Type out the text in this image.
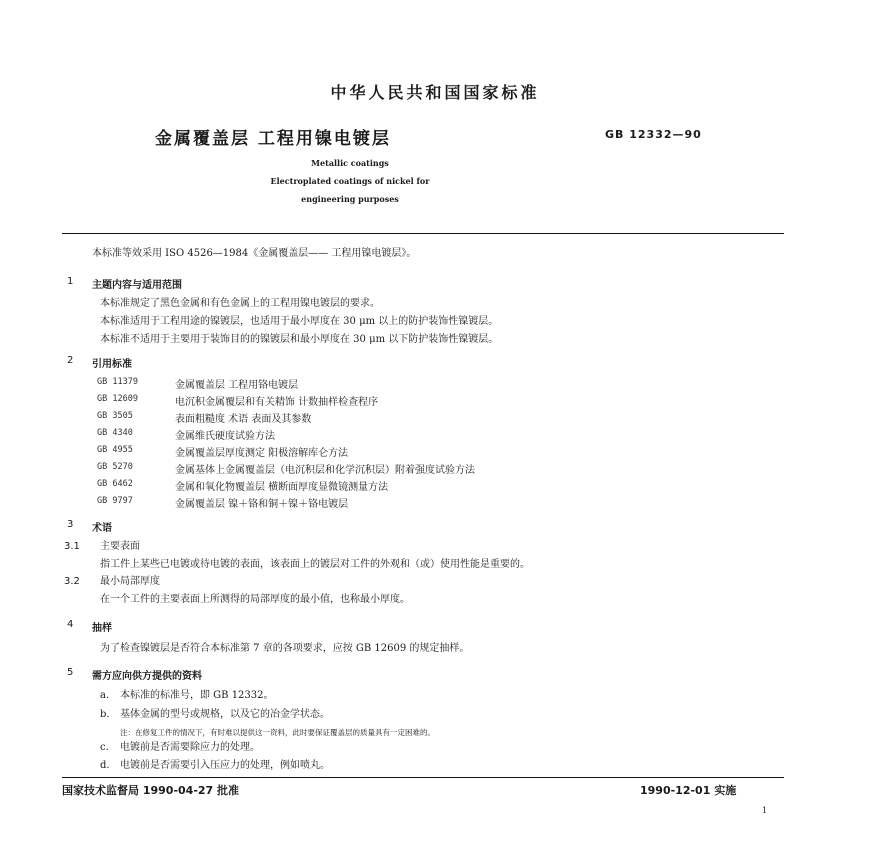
中华人民共和国国家标准
金属覆盖层 工程用镍电镀层	GB 12332—90
Metallic coatings
Electroplated coatings of nickel for
engineering purposes
本标准等效采用 ISO 4526—1984《金属覆盖层—— 工程用镍电镀层》。
1 主题内容与适用范围
本标准规定了黑色金属和有色金属上的工程用镍电镀层的要求。
本标准适用于工程用途的镍镀层，也适用于最小厚度在 30 μm 以上的防护装饰性镍镀层。
本标准不适用于主要用于装饰目的的镍镀层和最小厚度在 30 μm 以下防护装饰性镍镀层。
2 引用标准
GB 11379	金属覆盖层 工程用铬电镀层
GB 12609	电沉积金属覆层和有关精饰 计数抽样检查程序
GB 3505	表面粗糙度 术语 表面及其参数
GB 4340	金属维氏硬度试验方法
GB 4955	金属覆盖层厚度测定 阳极溶解库仑方法
GB 5270	金属基体上金属覆盖层（电沉积层和化学沉积层）附着强度试验方法
GB 6462	金属和氧化物覆盖层 横断面厚度显微镜测量方法
GB 9797	金属覆盖层 镍＋铬和铜＋镍＋铬电镀层
3 术语
3.1 主要表面
指工件上某些已电镀或待电镀的表面，该表面上的镀层对工件的外观和（或）使用性能是重要的。
3.2 最小局部厚度
在一个工件的主要表面上所测得的局部厚度的最小值，也称最小厚度。
4 抽样
为了检查镍镀层是否符合本标准第 7 章的各项要求，应按 GB 12609 的规定抽样。
5 需方应向供方提供的资料
a. 本标准的标准号，即 GB 12332。
b. 基体金属的型号或规格，以及它的冶金学状态。
注：在修复工件的情况下，有时难以提供这一资料，此时要保证覆盖层的质量具有一定困难的。
c. 电镀前是否需要除应力的处理。
d. 电镀前是否需要引入压应力的处理，例如喷丸。
国家技术监督局 1990-04-27 批准	1990-12-01 实施
1
